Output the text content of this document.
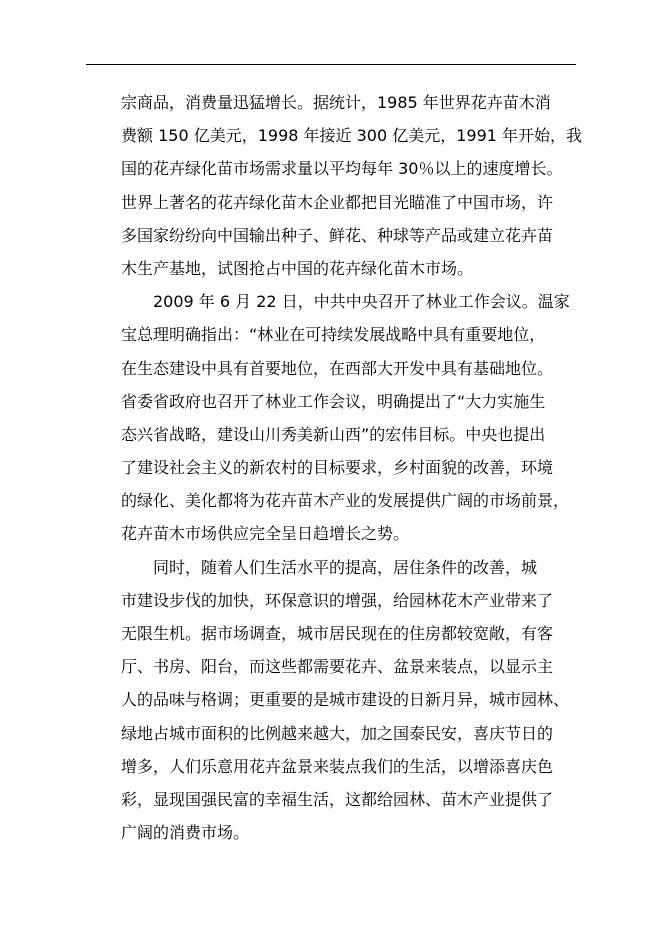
宗商品，消费量迅猛增长。据统计，1985 年世界花卉苗木消
费额 150 亿美元，1998 年接近 300 亿美元，1991 年开始，我
国的花卉绿化苗市场需求量以平均每年 30％以上的速度增长。
世界上著名的花卉绿化苗木企业都把目光瞄准了中国市场，许
多国家纷纷向中国输出种子、鲜花、种球等产品或建立花卉苗
木生产基地，试图抢占中国的花卉绿化苗木市场。

2009 年 6 月 22 日，中共中央召开了林业工作会议。温家
宝总理明确指出：“林业在可持续发展战略中具有重要地位，
在生态建设中具有首要地位，在西部大开发中具有基础地位。
省委省政府也召开了林业工作会议，明确提出了“大力实施生
态兴省战略，建设山川秀美新山西”的宏伟目标。中央也提出
了建设社会主义的新农村的目标要求，乡村面貌的改善，环境
的绿化、美化都将为花卉苗木产业的发展提供广阔的市场前景，
花卉苗木市场供应完全呈日趋增长之势。

同时，随着人们生活水平的提高，居住条件的改善，城
市建设步伐的加快，环保意识的增强，给园林花木产业带来了
无限生机。据市场调查，城市居民现在的住房都较宽敞，有客
厅、书房、阳台，而这些都需要花卉、盆景来装点，以显示主
人的品味与格调；更重要的是城市建设的日新月异，城市园林、
绿地占城市面积的比例越来越大，加之国泰民安，喜庆节日的
增多，人们乐意用花卉盆景来装点我们的生活，以增添喜庆色
彩，显现国强民富的幸福生活，这都给园林、苗木产业提供了
广阔的消费市场。
